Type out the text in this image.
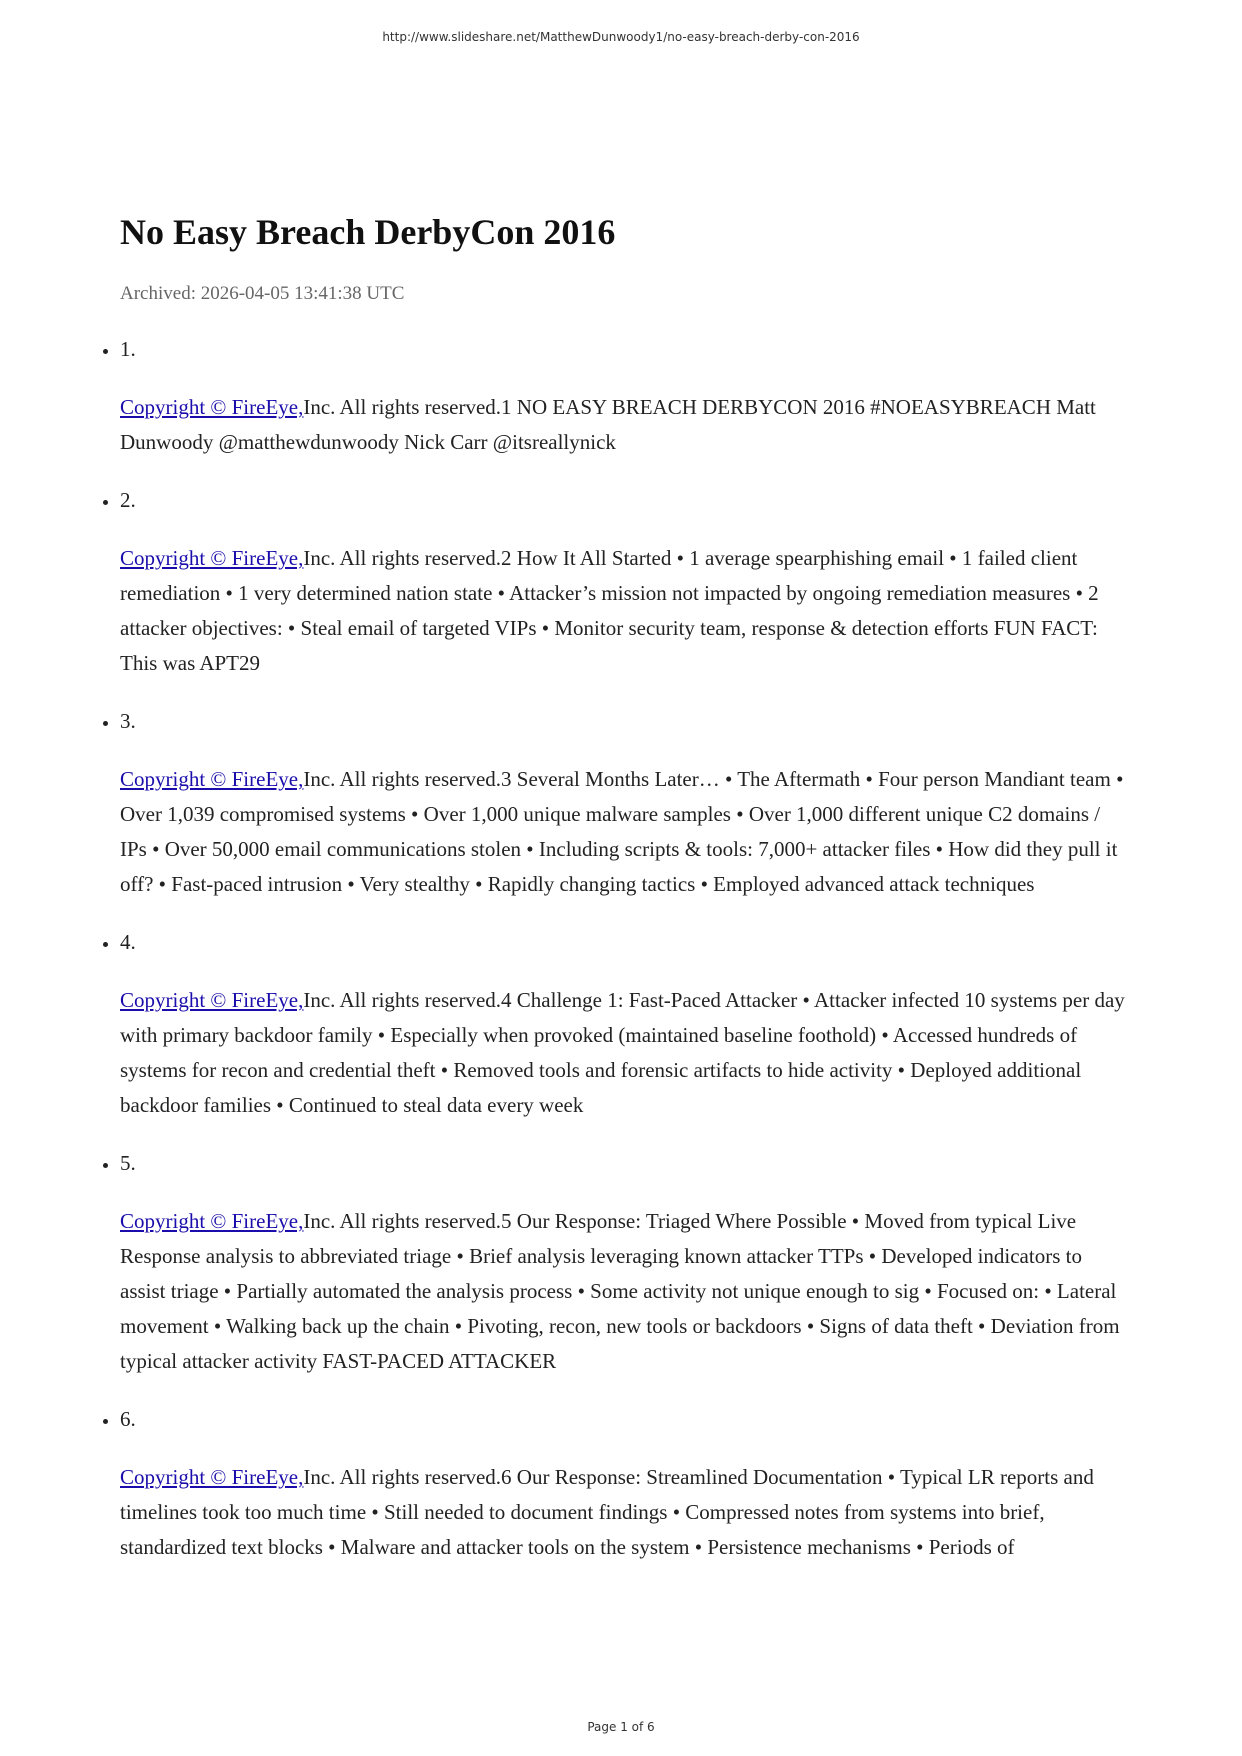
http://www.slideshare.net/MatthewDunwoody1/no-easy-breach-derby-con-2016
No Easy Breach DerbyCon 2016
Archived: 2026-04-05 13:41:38 UTC
• 1.
Copyright © FireEye,Inc. All rights reserved.1 NO EASY BREACH DERBYCON 2016 #NOEASYBREACH Matt Dunwoody @matthewdunwoody Nick Carr @itsreallynick
• 2.
Copyright © FireEye,Inc. All rights reserved.2 How It All Started • 1 average spearphishing email • 1 failed client remediation • 1 very determined nation state • Attacker’s mission not impacted by ongoing remediation measures • 2 attacker objectives: • Steal email of targeted VIPs • Monitor security team, response & detection efforts FUN FACT: This was APT29
• 3.
Copyright © FireEye,Inc. All rights reserved.3 Several Months Later… • The Aftermath • Four person Mandiant team • Over 1,039 compromised systems • Over 1,000 unique malware samples • Over 1,000 different unique C2 domains / IPs • Over 50,000 email communications stolen • Including scripts & tools: 7,000+ attacker files • How did they pull it off? • Fast-paced intrusion • Very stealthy • Rapidly changing tactics • Employed advanced attack techniques
• 4.
Copyright © FireEye,Inc. All rights reserved.4 Challenge 1: Fast-Paced Attacker • Attacker infected 10 systems per day with primary backdoor family • Especially when provoked (maintained baseline foothold) • Accessed hundreds of systems for recon and credential theft • Removed tools and forensic artifacts to hide activity • Deployed additional backdoor families • Continued to steal data every week
• 5.
Copyright © FireEye,Inc. All rights reserved.5 Our Response: Triaged Where Possible • Moved from typical Live Response analysis to abbreviated triage • Brief analysis leveraging known attacker TTPs • Developed indicators to assist triage • Partially automated the analysis process • Some activity not unique enough to sig • Focused on: • Lateral movement • Walking back up the chain • Pivoting, recon, new tools or backdoors • Signs of data theft • Deviation from typical attacker activity FAST-PACED ATTACKER
• 6.
Copyright © FireEye,Inc. All rights reserved.6 Our Response: Streamlined Documentation • Typical LR reports and timelines took too much time • Still needed to document findings • Compressed notes from systems into brief, standardized text blocks • Malware and attacker tools on the system • Persistence mechanisms • Periods of
Page 1 of 6
